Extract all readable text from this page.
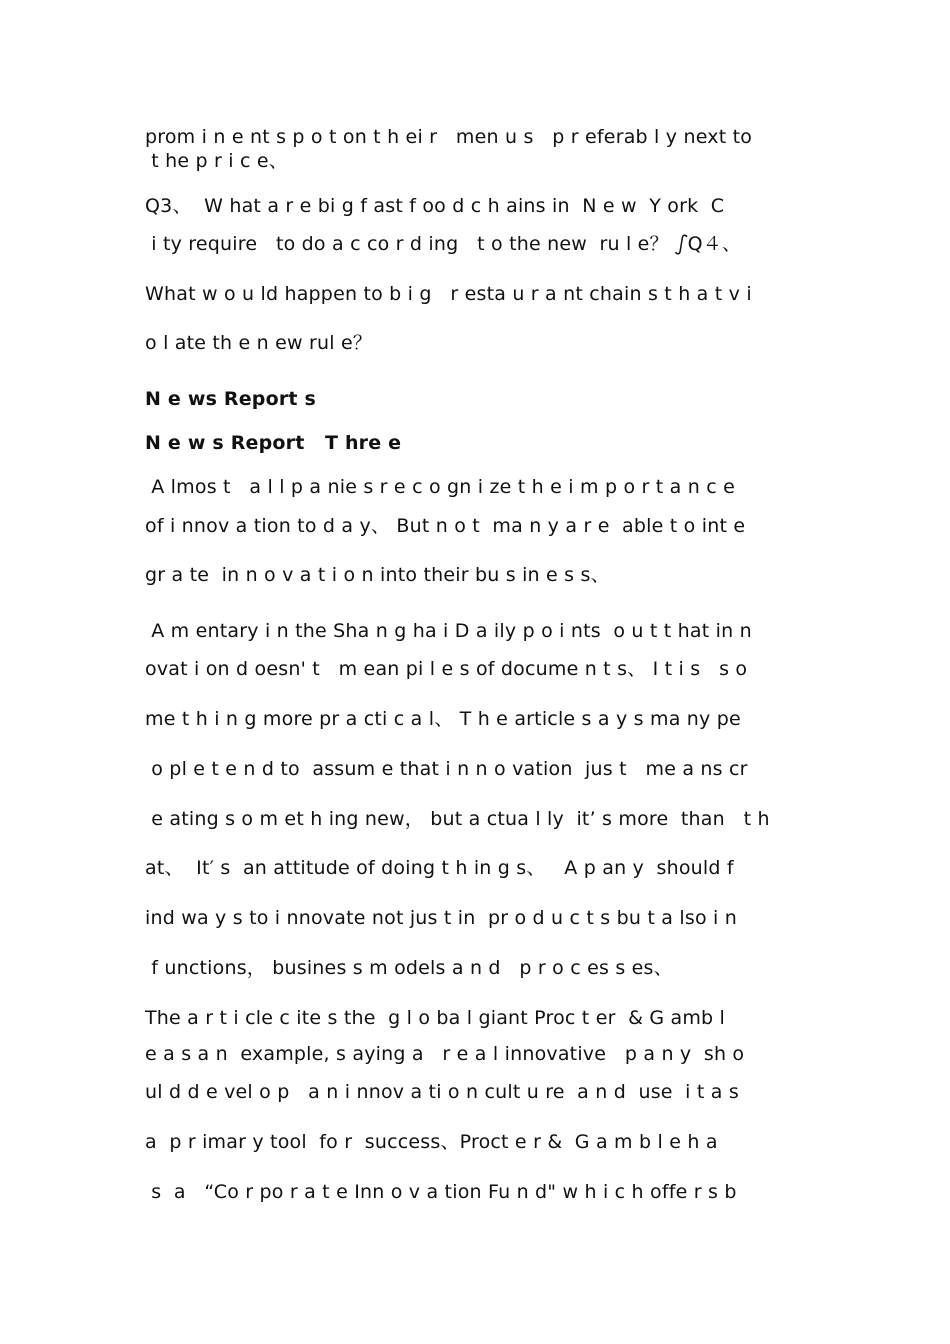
prom i n e nt s p o t on t h ei r   men u s   p r eferab l y next to
t he p r i c e、
Q3、  W hat a r e bi g f ast f oo d c h ains in  N e w  Y ork  C
i ty require   to do a c co r d ing   t o the new  ru l e？ ഽQ４、
What w o u ld happen to b i g   r esta u r a nt chain s t h a t v i
o l ate th e n ew rul e？
N e ws Report s
N e w s Report   T hre e
A lmos t   a l l p a nie s r e c o gn i ze t h e i m p o r t a n c e
of i nnov a tion to d a y、 But n o t  ma n y a r e  able t o int e
gr a te  in n o v a t i o n into their bu s in e s s、
A m entary i n the Sha n g ha i D a ily p o i nts  o u t t hat in n
ovat i on d oesn' t   m ean pi l e s of docume n t s、 I t i s   s o
me t h i n g more pr a cti c a l、 T h e article s a y s ma ny pe
o pl e t e n d to  assum e that i n n o vation  jus t   me a ns cr
e ating s o m et h ing new， but a ctua l ly  it’ s more  than   t h
at、  It′ s  an attitude of doing t h in g s、   A p an y  should f
ind wa y s to i nnovate not jus t in  pr o d u c t s bu t a lso i n
f unctions， busines s m odels a n d   p r o c es s es、
The a r t i cle c ite s the  g l o ba l giant Proc t er  & G amb l
e a s a n  example, s aying a   r e a l innovative   p a n y  sh o
ul d d e vel o p   a n i nnov a ti o n cult u re  a n d  use  i t a s
a  p r imar y tool  fo r  success、Proct e r &  G a m b l e h a
s  a   “Co r po r a t e Inn o v a tion Fu n d" w h i c h offe r s b
